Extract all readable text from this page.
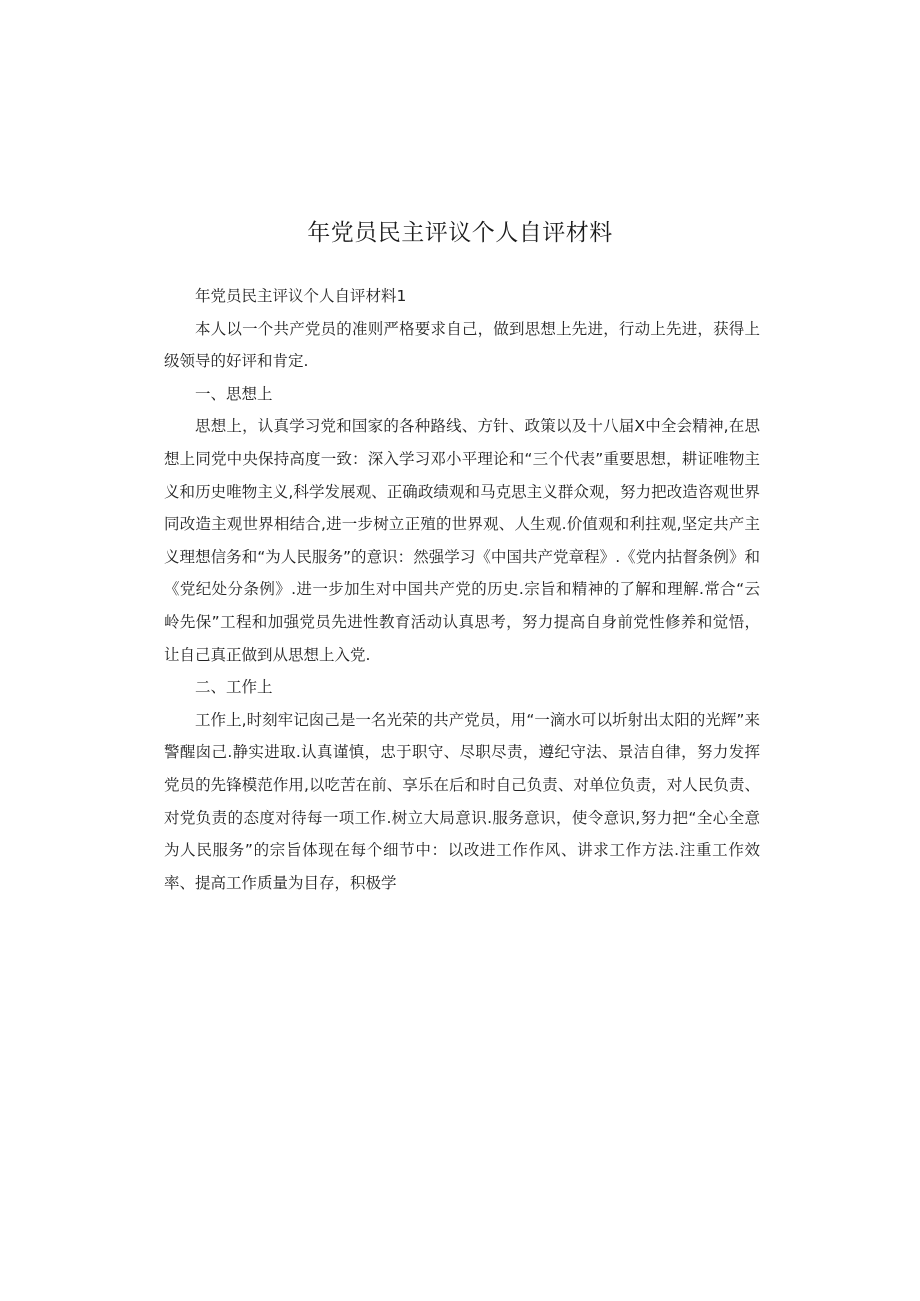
年党员民主评议个人自评材料

年党员民主评议个人自评材料1

本人以一个共产党员的准则严格要求自己，做到思想上先进，行动上先进，获得上级领导的好评和肯定.

一、思想上

思想上，认真学习党和国家的各种路线、方针、政策以及十八届X中全会精神,在思想上同党中央保持高度一致：深入学习邓小平理论和“三个代表”重要思想，耕证唯物主义和历史唯物主义,科学发展观、正确政绩观和马克思主义群众观，努力把改造咨观世界同改造主观世界相结合,进一步树立正殖的世界观、人生观.价值观和利拄观,坚定共产主义理想信务和“为人民服务”的意识：然强学习《中国共产党章程》.《党内拈督条例》和《党纪处分条例》.进一步加生对中国共产党的历史.宗旨和精神的了解和理解.常合“云岭先保”工程和加强党员先进性教育活动认真思考，努力提高自身前党性修养和觉悟，让自己真正做到从思想上入党.

二、工作上

工作上,时刻牢记囱己是一名光荣的共产党员，用“一滴水可以圻射出太阳的光辉”来警醒囱己.静实进取.认真谨慎，忠于职守、尽职尽责，遵纪守法、景洁自律，努力发挥党员的先锋模范作用,以吃苦在前、享乐在后和时自己负责、对单位负责，对人民负责、对党负责的态度对待每一项工作.树立大局意识.服务意识，使令意识,努力把“全心全意为人民服务”的宗旨体现在每个细节中：以改进工作作风、讲求工作方法.注重工作效率、提高工作质量为目存，积极学
